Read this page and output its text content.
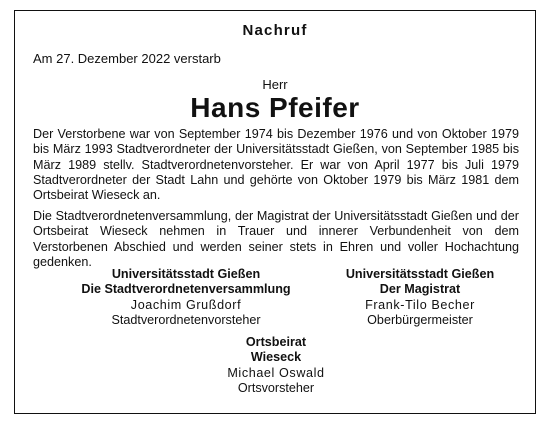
Nachruf
Am 27. Dezember 2022 verstarb
Herr
Hans Pfeifer

Der Verstorbene war von September 1974 bis Dezember 1976 und von Oktober 1979 bis März 1993 Stadtverordneter der Universitätsstadt Gießen, von September 1985 bis März 1989 stellv. Stadtverordnetenvorsteher. Er war von April 1977 bis Juli 1979 Stadtverordneter der Stadt Lahn und gehörte von Oktober 1979 bis März 1981 dem Ortsbeirat Wieseck an.

Die Stadtverordnetenversammlung, der Magistrat der Universitätsstadt Gießen und der Ortsbeirat Wieseck nehmen in Trauer und innerer Verbundenheit von dem Verstorbenen Abschied und werden seiner stets in Ehren und voller Hochachtung gedenken.

Universitätsstadt Gießen
Die Stadtverordnetenversammlung
Joachim Grußdorf
Stadtverordnetenvorsteher
Universitätsstadt Gießen
Der Magistrat
Frank-Tilo Becher
Oberbürgermeister
Ortsbeirat
Wieseck
Michael Oswald
Ortsvorsteher
